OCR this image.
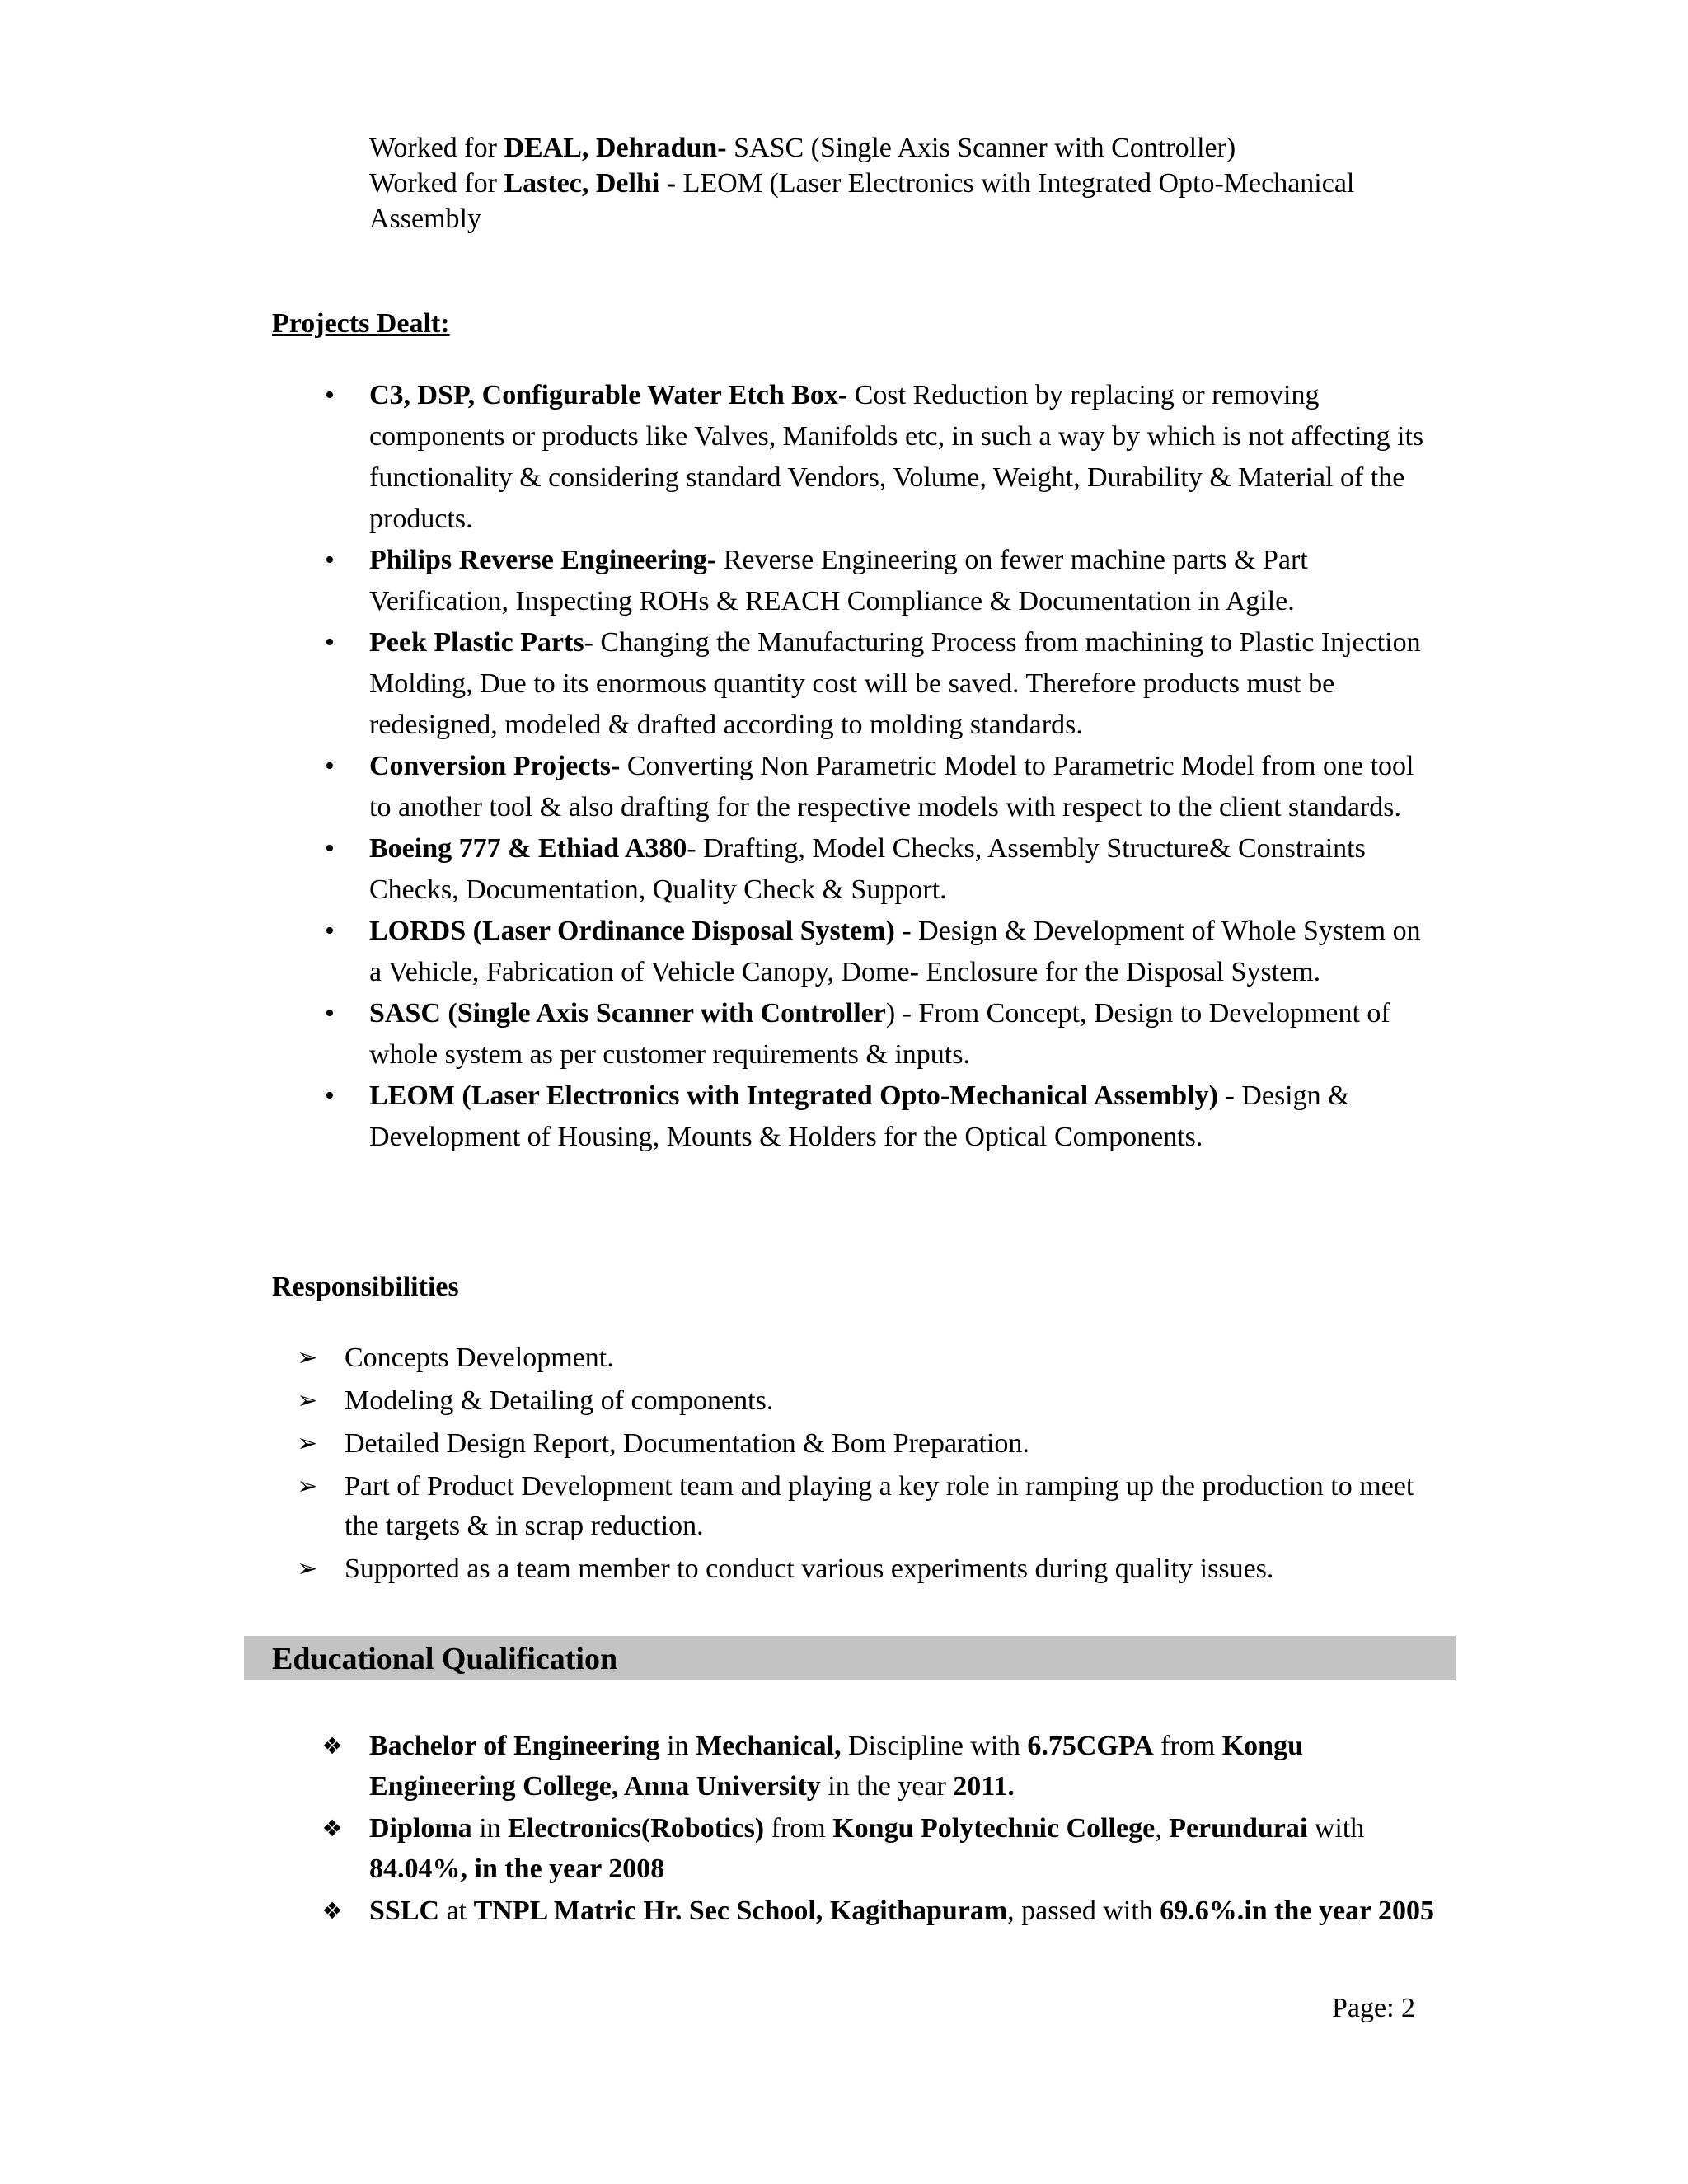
Worked for DEAL, Dehradun- SASC (Single Axis Scanner with Controller)
Worked for Lastec, Delhi - LEOM (Laser Electronics with Integrated Opto-Mechanical Assembly
Projects Dealt:
• C3, DSP, Configurable Water Etch Box- Cost Reduction by replacing or removing components or products like Valves, Manifolds etc, in such a way by which is not affecting its functionality & considering standard Vendors, Volume, Weight, Durability & Material of the products.
• Philips Reverse Engineering- Reverse Engineering on fewer machine parts & Part Verification, Inspecting ROHs & REACH Compliance & Documentation in Agile.
• Peek Plastic Parts- Changing the Manufacturing Process from machining to Plastic Injection Molding, Due to its enormous quantity cost will be saved. Therefore products must be redesigned, modeled & drafted according to molding standards.
• Conversion Projects- Converting Non Parametric Model to Parametric Model from one tool to another tool & also drafting for the respective models with respect to the client standards.
• Boeing 777 & Ethiad A380- Drafting, Model Checks, Assembly Structure& Constraints Checks, Documentation, Quality Check & Support.
• LORDS (Laser Ordinance Disposal System) - Design & Development of Whole System on a Vehicle, Fabrication of Vehicle Canopy, Dome- Enclosure for the Disposal System.
• SASC (Single Axis Scanner with Controller) - From Concept, Design to Development of whole system as per customer requirements & inputs.
• LEOM (Laser Electronics with Integrated Opto-Mechanical Assembly) - Design & Development of Housing, Mounts & Holders for the Optical Components.
Responsibilities
➢ Concepts Development.
➢ Modeling & Detailing of components.
➢ Detailed Design Report, Documentation & Bom Preparation.
➢ Part of Product Development team and playing a key role in ramping up the production to meet the targets & in scrap reduction.
➢ Supported as a team member to conduct various experiments during quality issues.
Educational Qualification
❖ Bachelor of Engineering in Mechanical, Discipline with 6.75CGPA from Kongu Engineering College, Anna University in the year 2011.
❖ Diploma in Electronics(Robotics) from Kongu Polytechnic College, Perundurai with 84.04%, in the year 2008
❖ SSLC at TNPL Matric Hr. Sec School, Kagithapuram, passed with 69.6%.in the year 2005
Page: 2
